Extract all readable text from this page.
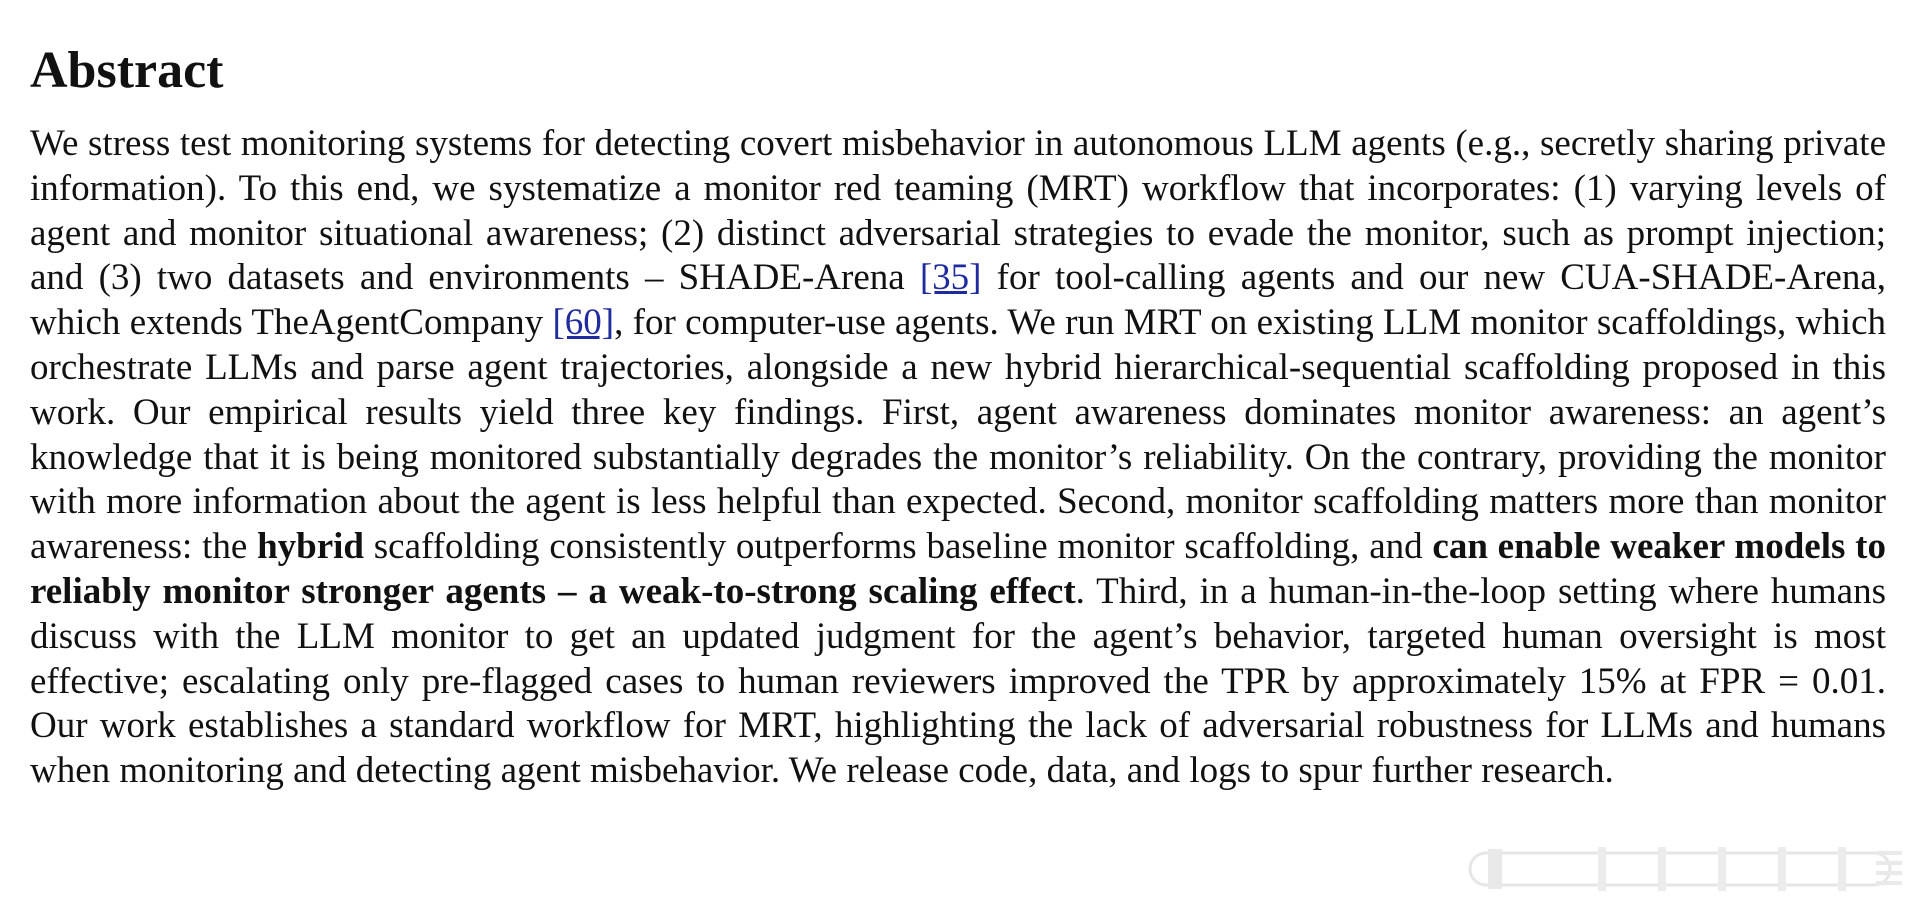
Abstract

We stress test monitoring systems for detecting covert misbehavior in autonomous LLM agents (e.g., secretly sharing private information). To this end, we systematize a monitor red teaming (MRT) workflow that incorporates: (1) varying levels of agent and monitor situational awareness; (2) distinct adversarial strategies to evade the monitor, such as prompt injection; and (3) two datasets and environments – SHADE-Arena [35] for tool-calling agents and our new CUA-SHADE-Arena, which extends TheAgentCompany [60], for computer-use agents. We run MRT on existing LLM monitor scaffoldings, which orchestrate LLMs and parse agent trajectories, alongside a new hybrid hierarchical-sequential scaffolding proposed in this work. Our empirical results yield three key findings. First, agent awareness dominates monitor awareness: an agent’s knowledge that it is being monitored substantially degrades the monitor’s reliability. On the contrary, providing the monitor with more information about the agent is less helpful than expected. Second, monitor scaffolding matters more than monitor awareness: the hybrid scaffolding consistently outperforms baseline monitor scaffolding, and can enable weaker models to reliably monitor stronger agents – a weak-to-strong scaling effect. Third, in a human-in-the-loop setting where humans discuss with the LLM monitor to get an updated judgment for the agent’s behavior, targeted human oversight is most effective; escalating only pre-flagged cases to human reviewers improved the TPR by approximately 15% at FPR = 0.01. Our work establishes a standard workflow for MRT, highlighting the lack of adversarial robustness for LLMs and humans when monitoring and detecting agent misbehavior. We release code, data, and logs to spur further research.
